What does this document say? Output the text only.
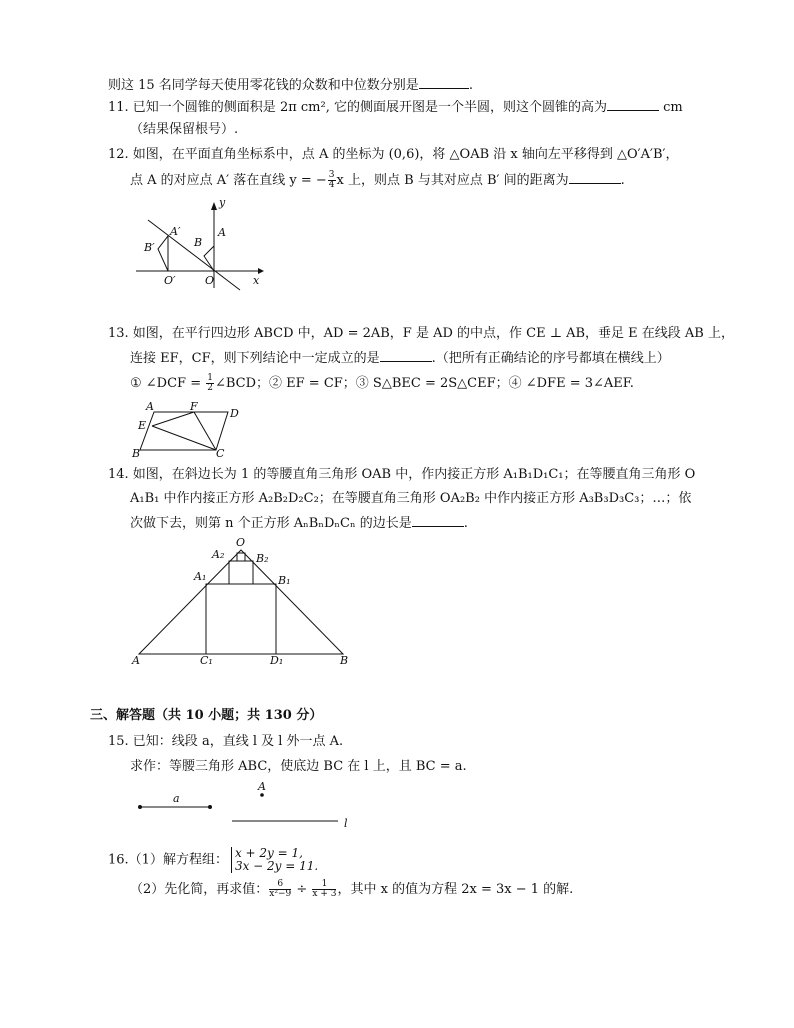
则这 15 名同学每天使用零花钱的众数和中位数分别是	.
11. 已知一个圆锥的侧面积是 2π cm², 它的侧面展开图是一个半圆，则这个圆锥的高为	cm
（结果保留根号）.
12. 如图，在平面直角坐标系中，点 A 的坐标为 (0,6)，将 △OAB 沿 x 轴向左平移得到 △O′A′B′，
点 A 的对应点 A′ 落在直线 y = − $\frac{3}{4}$ x 上，则点 B 与其对应点 B′ 间的距离为	.
y
x
A′
B′
O′	O
A
B
13. 如图，在平行四边形 ABCD 中，AD = 2AB，F 是 AD 的中点，作 CE ⊥ AB，垂足 E 在线段 AB 上，
连接 EF，CF，则下列结论中一定成立的是	.（把所有正确结论的序号都填在横线上）
① ∠DCF = $\frac{1}{2}$ ∠BCD；② EF = CF；③ S△BEC = 2S△CEF；④ ∠DFE = 3∠AEF.
A	F
D
E
B	C
14. 如图，在斜边长为 1 的等腰直角三角形 OAB 中，作内接正方形 A₁B₁D₁C₁；在等腰直角三角形 O
A₁B₁ 中作内接正方形 A₂B₂D₂C₂；在等腰直角三角形 OA₂B₂ 中作内接正方形 A₃B₃D₃C₃；…；依
次做下去，则第 n 个正方形 AₙBₙDₙCₙ 的边长是	.
O
A₂	B₂
A₁	B₁
A	C₁	D₁	B
三、解答题（共 10 小题；共 130 分）
15. 已知：线段 a，直线 l 及 l 外一点 A.
求作：等腰三角形 ABC，使底边 BC 在 l 上，且 BC = a.
a
A
l
16.（1）解方程组： x + 2y = 1,
3x − 2y = 11.
（2）先化简，再求值： $\frac{6}{\text{x²−9}} \div \frac{1}{x + 3}$ ，其中 x 的值为方程 2x = 3x − 1 的解.
